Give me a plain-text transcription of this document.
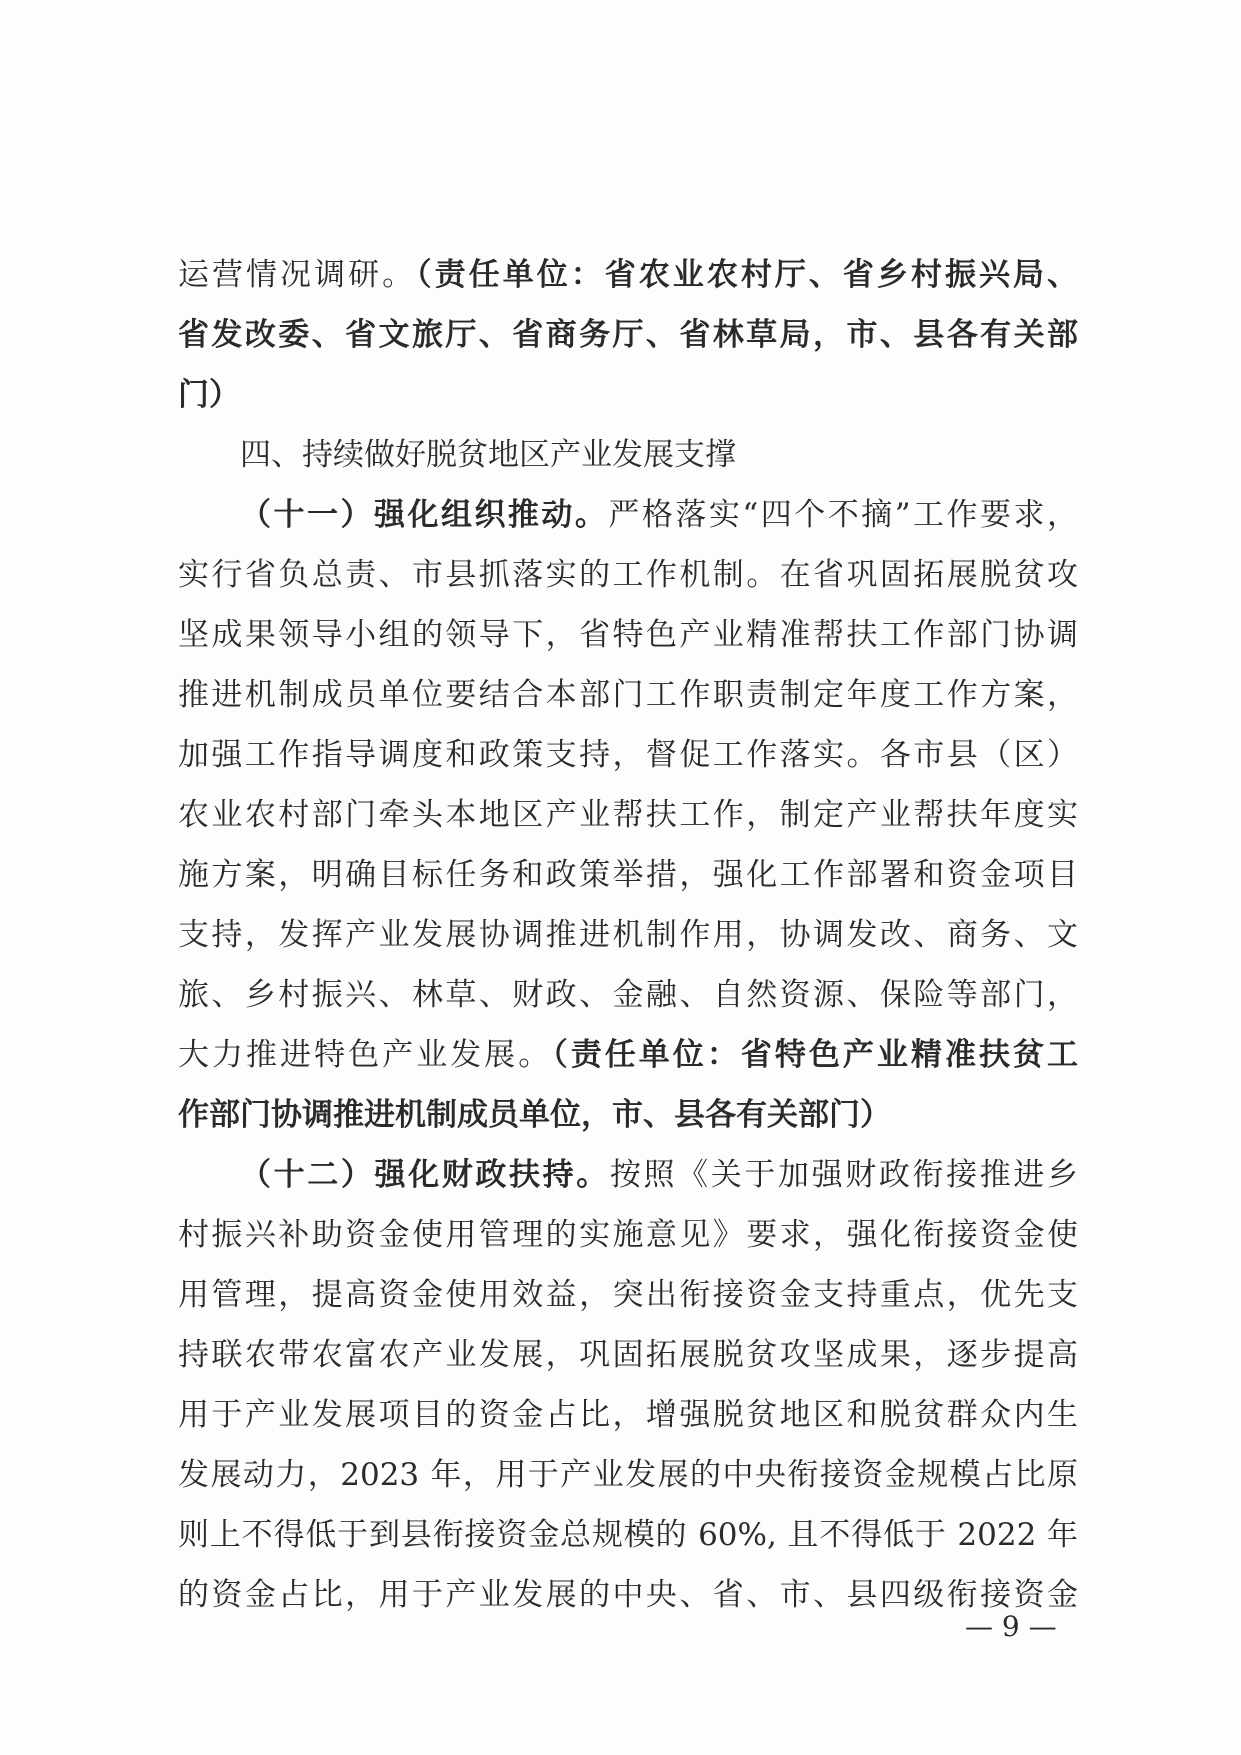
运营情况调研。（责任单位：省农业农村厅、省乡村振兴局、
省发改委、省文旅厅、省商务厅、省林草局，市、县各有关部
门）
四、持续做好脱贫地区产业发展支撑
（十一）强化组织推动。严格落实“四个不摘”工作要求，
实行省负总责、市县抓落实的工作机制。在省巩固拓展脱贫攻
坚成果领导小组的领导下，省特色产业精准帮扶工作部门协调
推进机制成员单位要结合本部门工作职责制定年度工作方案，
加强工作指导调度和政策支持，督促工作落实。各市县（区）
农业农村部门牵头本地区产业帮扶工作，制定产业帮扶年度实
施方案，明确目标任务和政策举措，强化工作部署和资金项目
支持，发挥产业发展协调推进机制作用，协调发改、商务、文
旅、乡村振兴、林草、财政、金融、自然资源、保险等部门，
大力推进特色产业发展。（责任单位：省特色产业精准扶贫工
作部门协调推进机制成员单位，市、县各有关部门）
（十二）强化财政扶持。按照《关于加强财政衔接推进乡
村振兴补助资金使用管理的实施意见》要求，强化衔接资金使
用管理，提高资金使用效益，突出衔接资金支持重点，优先支
持联农带农富农产业发展，巩固拓展脱贫攻坚成果，逐步提高
用于产业发展项目的资金占比，增强脱贫地区和脱贫群众内生
发展动力，2023 年，用于产业发展的中央衔接资金规模占比原
则上不得低于到县衔接资金总规模的 60%, 且不得低于 2022 年
的资金占比，用于产业发展的中央、省、市、县四级衔接资金
— 9 —
